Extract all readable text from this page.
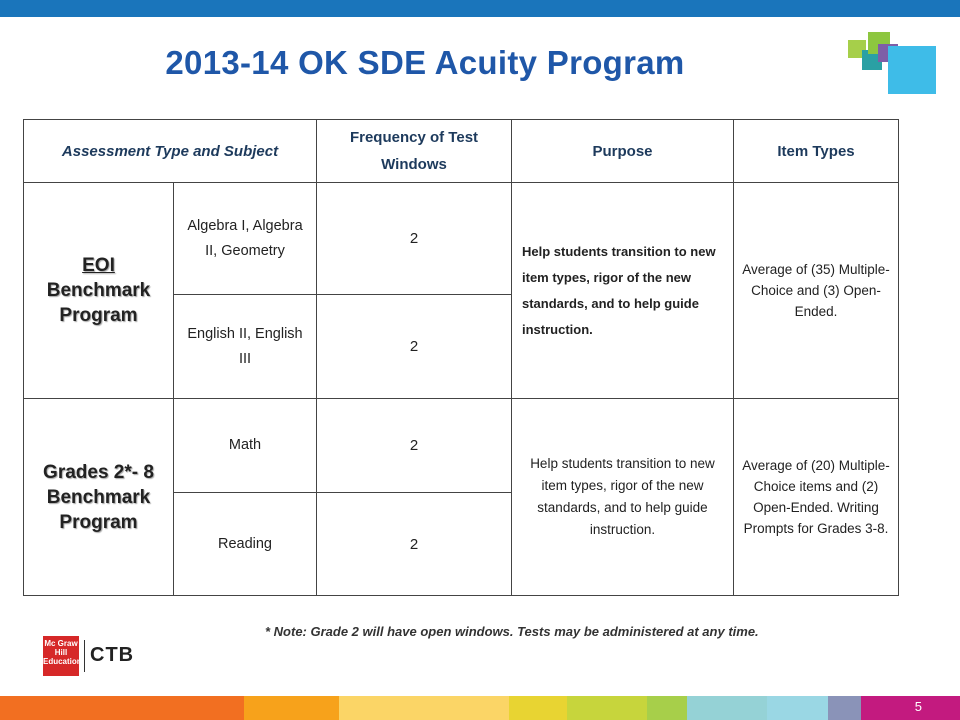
2013-14 OK SDE Acuity Program
Assessment Type and Subject		Frequency of Test Windows	Purpose	Item Types
EOI
Benchmark
Program	Algebra I, Algebra II, Geometry	2	Help students transition to new item types, rigor of the new standards, and to help guide instruction.	Average of (35) Multiple-Choice and (3) Open-Ended.
	English II, English III	2		
Grades 2*- 8
Benchmark
Program	Math	2	Help students transition to new item types, rigor of the new standards, and to help guide instruction.	Average of (20) Multiple-Choice items and (2) Open-Ended. Writing Prompts for Grades 3-8.
	Reading	2		
Mc Graw Hill Education CTB
* Note: Grade 2 will have open windows. Tests may be administered at any time.
5
